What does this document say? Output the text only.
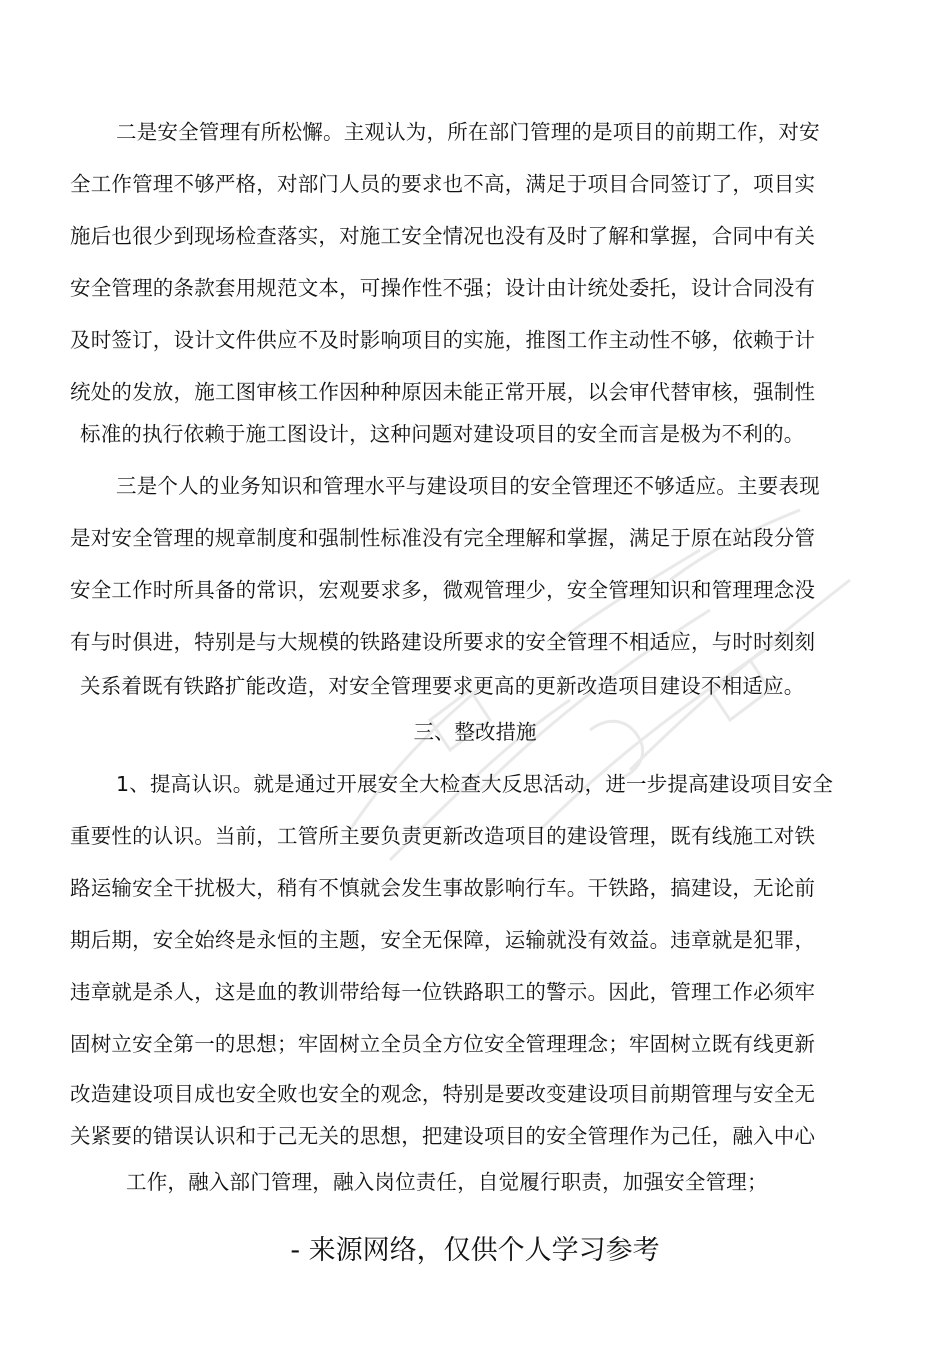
二是安全管理有所松懈。主观认为，所在部门管理的是项目的前期工作，对安
全工作管理不够严格，对部门人员的要求也不高，满足于项目合同签订了，项目实
施后也很少到现场检查落实，对施工安全情况也没有及时了解和掌握，合同中有关
安全管理的条款套用规范文本，可操作性不强；设计由计统处委托，设计合同没有
及时签订，设计文件供应不及时影响项目的实施，推图工作主动性不够，依赖于计
统处的发放，施工图审核工作因种种原因未能正常开展，以会审代替审核，强制性
标准的执行依赖于施工图设计，这种问题对建设项目的安全而言是极为不利的。
三是个人的业务知识和管理水平与建设项目的安全管理还不够适应。主要表现
是对安全管理的规章制度和强制性标准没有完全理解和掌握，满足于原在站段分管
安全工作时所具备的常识，宏观要求多，微观管理少，安全管理知识和管理理念没
有与时俱进，特别是与大规模的铁路建设所要求的安全管理不相适应，与时时刻刻
关系着既有铁路扩能改造，对安全管理要求更高的更新改造项目建设不相适应。
三、整改措施
1、提高认识。就是通过开展安全大检查大反思活动，进一步提高建设项目安全
重要性的认识。当前，工管所主要负责更新改造项目的建设管理，既有线施工对铁
路运输安全干扰极大，稍有不慎就会发生事故影响行车。干铁路，搞建设，无论前
期后期，安全始终是永恒的主题，安全无保障，运输就没有效益。违章就是犯罪，
违章就是杀人，这是血的教训带给每一位铁路职工的警示。因此，管理工作必须牢
固树立安全第一的思想；牢固树立全员全方位安全管理理念；牢固树立既有线更新
改造建设项目成也安全败也安全的观念，特别是要改变建设项目前期管理与安全无
关紧要的错误认识和于己无关的思想，把建设项目的安全管理作为己任，融入中心
工作，融入部门管理，融入岗位责任，自觉履行职责，加强安全管理；
- 来源网络，仅供个人学习参考
